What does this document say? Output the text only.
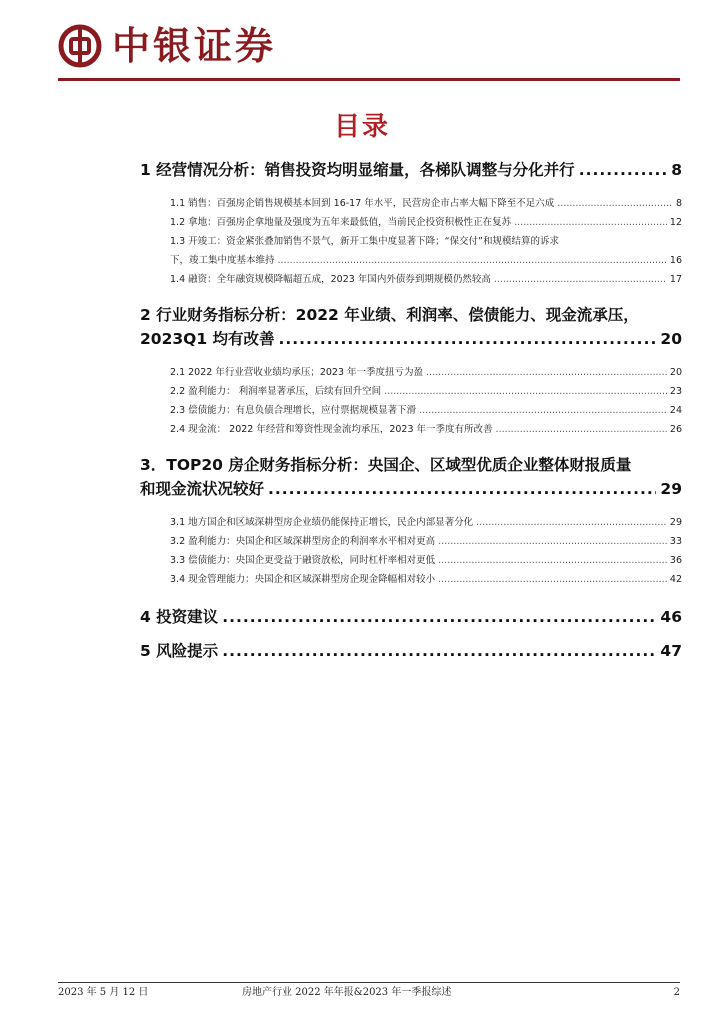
中银证券
目录
1 经营情况分析：销售投资均明显缩量，各梯队调整与分化并行 .....	8
1.1 销售：百强房企销售规模基本回到 16-17 年水平，民营房企市占率大幅下降至不足六成 .....	8
1.2 拿地：百强房企拿地量及强度为五年来最低值，当前民企投资积极性正在复苏 .....	12
1.3 开竣工：资金紧张叠加销售不景气，新开工集中度显著下降；“保交付”和规模结算的诉求
下，竣工集中度基本维持 .....	16
1.4 融资：全年融资规模降幅超五成，2023 年国内外债券到期规模仍然较高 .....	17
2 行业财务指标分析：2022 年业绩、利润率、偿债能力、现金流承压，
2023Q1 均有改善 .....	20
2.1 2022 年行业营收业绩均承压；2023 年一季度扭亏为盈 .....	20
2.2 盈利能力： 利润率显著承压，后续有回升空间 .....	23
2.3 偿债能力：有息负债合理增长，应付票据规模显著下滑 .....	24
2.4 现金流： 2022 年经营和筹资性现金流均承压，2023 年一季度有所改善 .....	26
3．TOP20 房企财务指标分析：央国企、区域型优质企业整体财报质量
和现金流状况较好 .....	29
3.1 地方国企和区域深耕型房企业绩仍能保持正增长，民企内部显著分化 .....	29
3.2 盈利能力：央国企和区域深耕型房企的利润率水平相对更高 .....	33
3.3 偿债能力：央国企更受益于融资放松，同时杠杆率相对更低 .....	36
3.4 现金管理能力：央国企和区域深耕型房企现金降幅相对较小 .....	42
4 投资建议 .....	46
5 风险提示 .....	47
2023 年 5 月 12 日	房地产行业 2022 年年报&2023 年一季报综述	2
